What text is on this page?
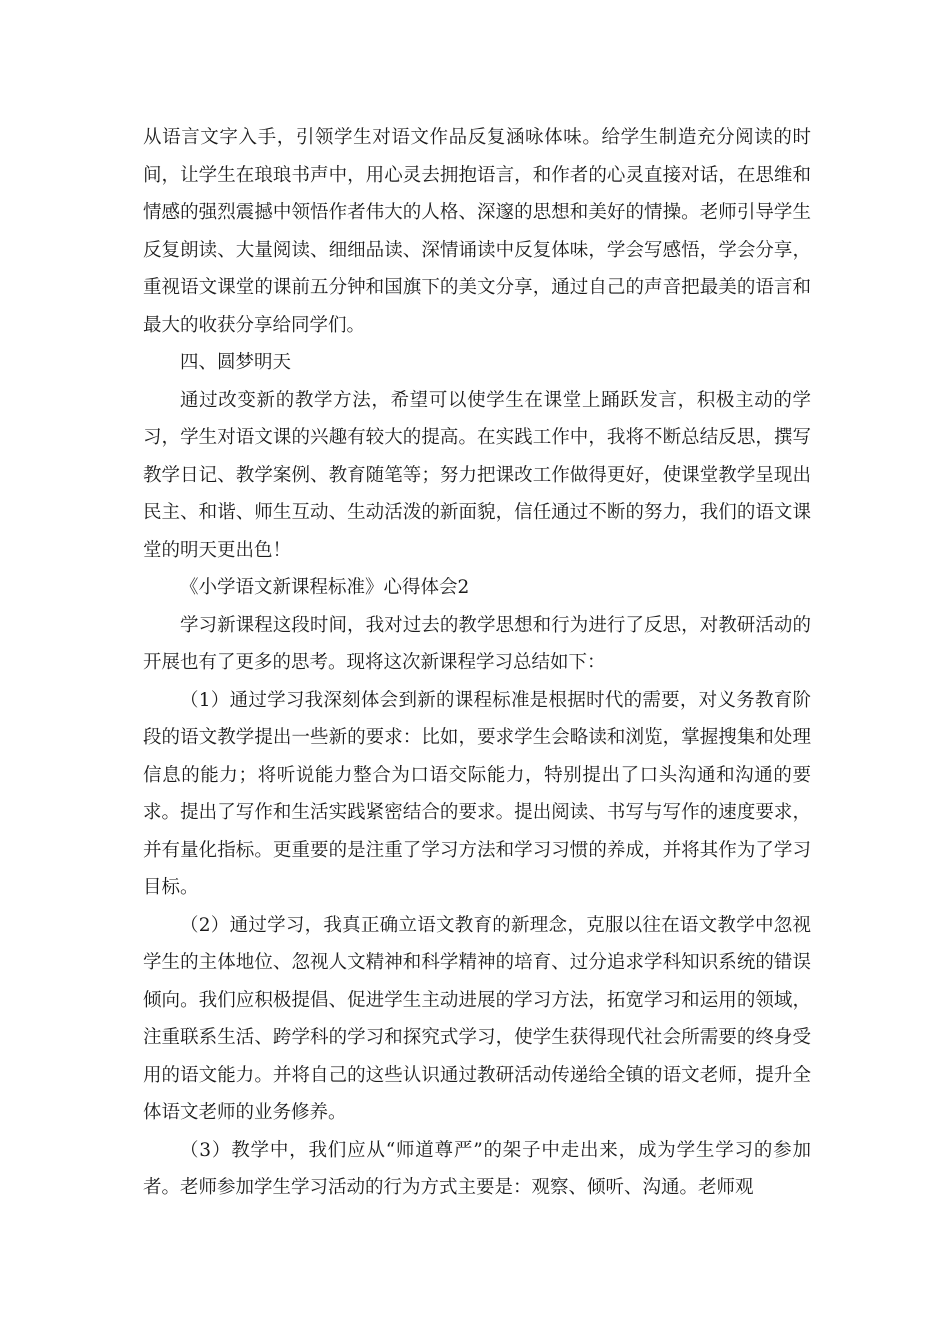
从语言文字入手，引领学生对语文作品反复涵咏体味。给学生制造充分阅读的时间，让学生在琅琅书声中，用心灵去拥抱语言，和作者的心灵直接对话，在思维和情感的强烈震撼中领悟作者伟大的人格、深邃的思想和美好的情操。老师引导学生反复朗读、大量阅读、细细品读、深情诵读中反复体味，学会写感悟，学会分享，重视语文课堂的课前五分钟和国旗下的美文分享，通过自己的声音把最美的语言和最大的收获分享给同学们。

四、圆梦明天

通过改变新的教学方法，希望可以使学生在课堂上踊跃发言，积极主动的学习，学生对语文课的兴趣有较大的提高。在实践工作中，我将不断总结反思，撰写教学日记、教学案例、教育随笔等；努力把课改工作做得更好，使课堂教学呈现出民主、和谐、师生互动、生动活泼的新面貌，信任通过不断的努力，我们的语文课堂的明天更出色！

《小学语文新课程标准》心得体会2

学习新课程这段时间，我对过去的教学思想和行为进行了反思，对教研活动的开展也有了更多的思考。现将这次新课程学习总结如下：

（1）通过学习我深刻体会到新的课程标准是根据时代的需要，对义务教育阶段的语文教学提出一些新的要求：比如，要求学生会略读和浏览，掌握搜集和处理信息的能力；将听说能力整合为口语交际能力，特别提出了口头沟通和沟通的要求。提出了写作和生活实践紧密结合的要求。提出阅读、书写与写作的速度要求，并有量化指标。更重要的是注重了学习方法和学习习惯的养成，并将其作为了学习目标。

（2）通过学习，我真正确立语文教育的新理念，克服以往在语文教学中忽视学生的主体地位、忽视人文精神和科学精神的培育、过分追求学科知识系统的错误倾向。我们应积极提倡、促进学生主动进展的学习方法，拓宽学习和运用的领域，注重联系生活、跨学科的学习和探究式学习，使学生获得现代社会所需要的终身受用的语文能力。并将自己的这些认识通过教研活动传递给全镇的语文老师，提升全体语文老师的业务修养。

（3）教学中，我们应从“师道尊严”的架子中走出来，成为学生学习的参加者。老师参加学生学习活动的行为方式主要是：观察、倾听、沟通。老师观
